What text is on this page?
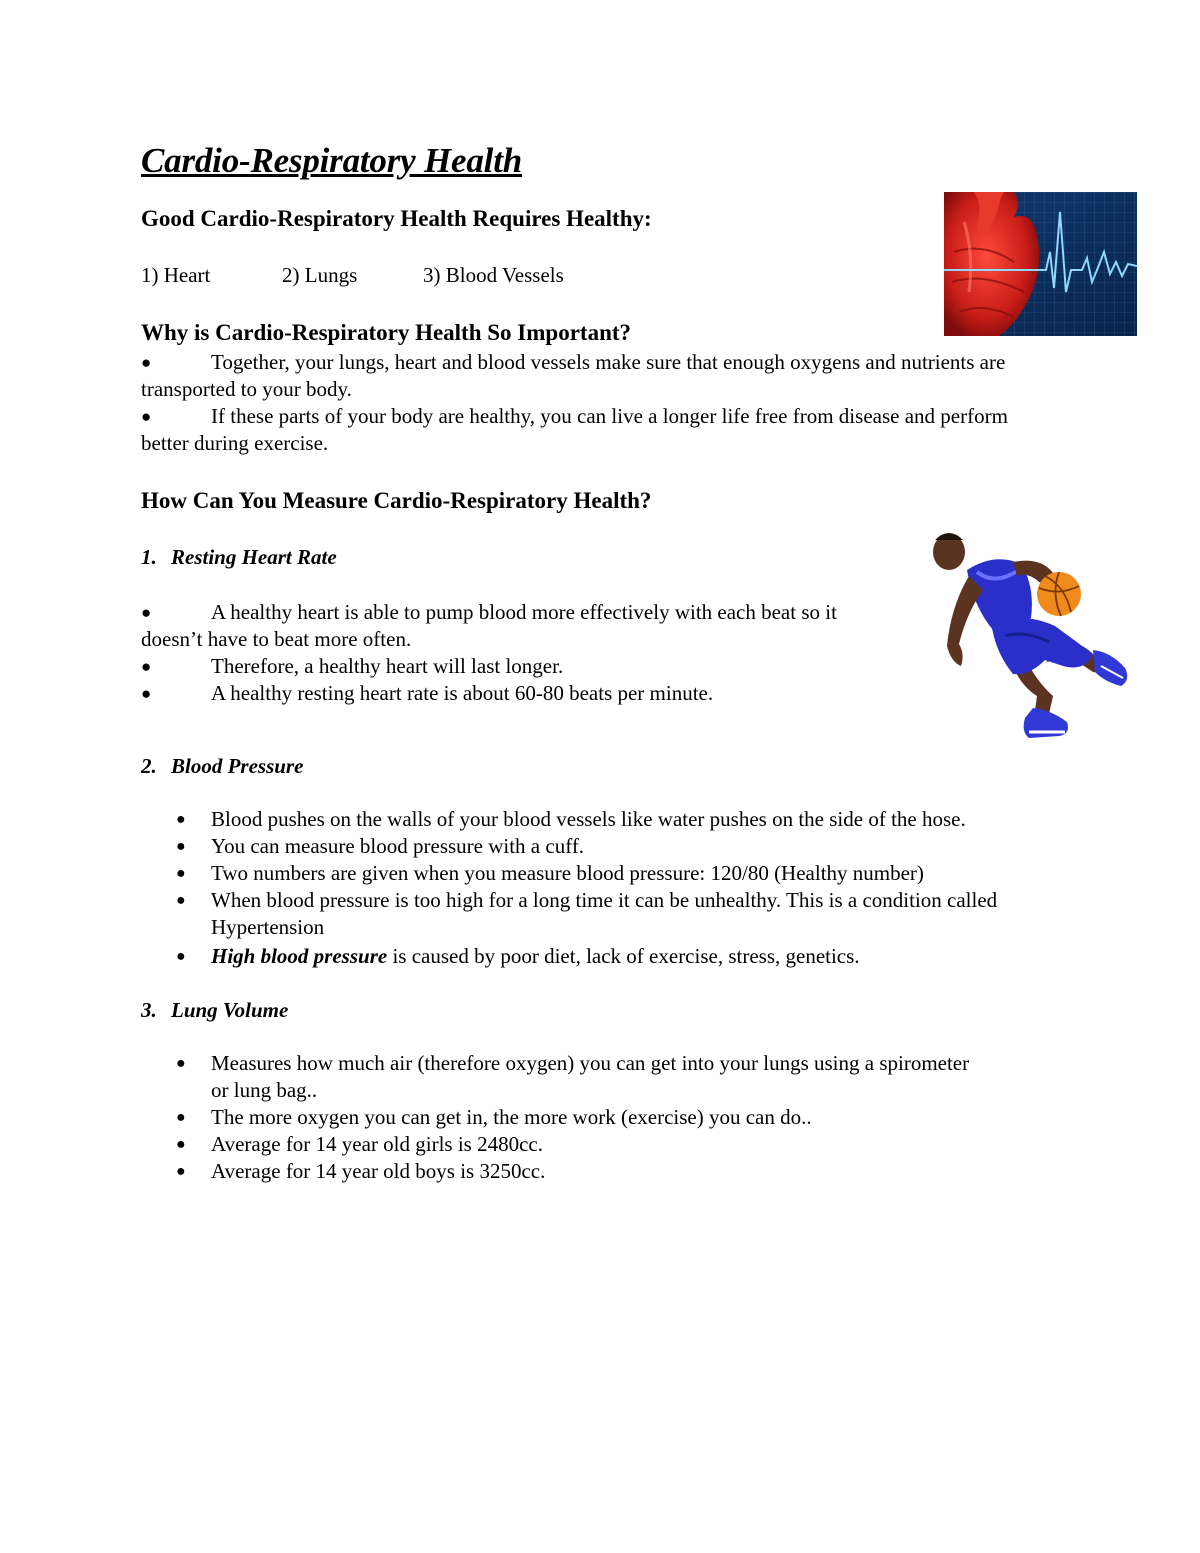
Cardio-Respiratory Health
Good Cardio-Respiratory Health Requires Healthy:
1) Heart	2) Lungs	3) Blood Vessels
Why is Cardio-Respiratory Health So Important?
●	Together, your lungs, heart and blood vessels make sure that enough oxygens and nutrients are transported to your body.
●	If these parts of your body are healthy, you can live a longer life free from disease and perform better during exercise.
How Can You Measure Cardio-Respiratory Health?
1. Resting Heart Rate
●	A healthy heart is able to pump blood more effectively with each beat so it doesn’t have to beat more often.
●	Therefore, a healthy heart will last longer.
●	A healthy resting heart rate is about 60-80 beats per minute.
2. Blood Pressure
● Blood pushes on the walls of your blood vessels like water pushes on the side of the hose.
● You can measure blood pressure with a cuff.
● Two numbers are given when you measure blood pressure: 120/80 (Healthy number)
● When blood pressure is too high for a long time it can be unhealthy. This is a condition called Hypertension
● High blood pressure is caused by poor diet, lack of exercise, stress, genetics.
3. Lung Volume
● Measures how much air (therefore oxygen) you can get into your lungs using a spirometer or lung bag..
● The more oxygen you can get in, the more work (exercise) you can do..
● Average for 14 year old girls is 2480cc.
● Average for 14 year old boys is 3250cc.
